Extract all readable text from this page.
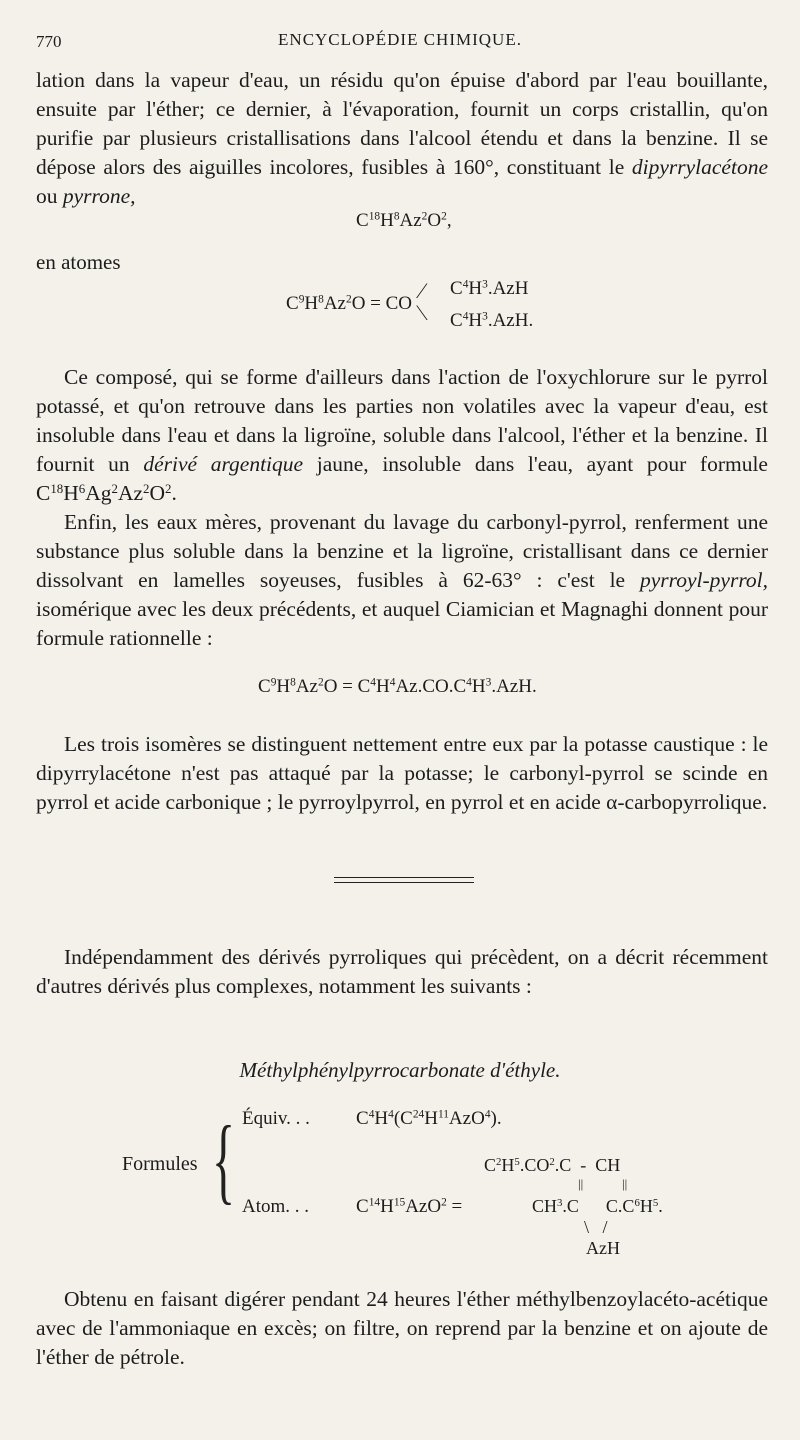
770	ENCYCLOPÉDIE CHIMIQUE.

lation dans la vapeur d'eau, un résidu qu'on épuise d'abord par l'eau bouillante, ensuite par l'éther; ce dernier, à l'évaporation, fournit un corps cristallin, qu'on purifie par plusieurs cristallisations dans l'alcool étendu et dans la benzine. Il se dépose alors des aiguilles incolores, fusibles à 160°, constituant le dipyrrylacétone ou pyrrone,

$C^{18}H^8Az^2O^2$,
en atomes
$C^9H^8Az^2O$ = CO
⁄
⁄
$C^4H^3.AzH$
$C^4H^3.AzH$.

Ce composé, qui se forme d'ailleurs dans l'action de l'oxychlorure sur le pyrrol potassé, et qu'on retrouve dans les parties non volatiles avec la vapeur d'eau, est insoluble dans l'eau et dans la ligroïne, soluble dans l'alcool, l'éther et la benzine. Il fournit un dérivé argentique jaune, insoluble dans l'eau, ayant pour formule $C^{18}H^6Ag^2Az^2O^2$.

Enfin, les eaux mères, provenant du lavage du carbonyl-pyrrol, renferment une substance plus soluble dans la benzine et la ligroïne, cristallisant dans ce dernier dissolvant en lamelles soyeuses, fusibles à 62-63° : c'est le pyrroyl-pyrrol, isomérique avec les deux précédents, et auquel Ciamician et Magnaghi donnent pour formule rationnelle :

$C^9H^8Az^2O = C^4H^4Az.CO.C^4H^3.AzH$.

Les trois isomères se distinguent nettement entre eux par la potasse caustique : le dipyrrylacétone n'est pas attaqué par la potasse; le carbonyl-pyrrol se scinde en pyrrol et acide carbonique ; le pyrroylpyrrol, en pyrrol et en acide α-carbopyrrolique.

Indépendamment des dérivés pyrroliques qui précèdent, on a décrit récemment d'autres dérivés plus complexes, notamment les suivants :

Méthylphénylpyrrocarbonate d'éthyle.
Formules { Équiv. . . $C^4H^4(C^{24}H^{11}AzO^4)$.
$C^2H^5.CO^2.C$  -  CH
||	||
Atom. . . $C^{14}H^{15}AzO^2$ =	$CH^3.C$      $C.C^6H^5$.
\   /
AzH

Obtenu en faisant digérer pendant 24 heures l'éther méthylbenzoylacéto-acétique avec de l'ammoniaque en excès; on filtre, on reprend par la benzine et on ajoute de l'éther de pétrole.
